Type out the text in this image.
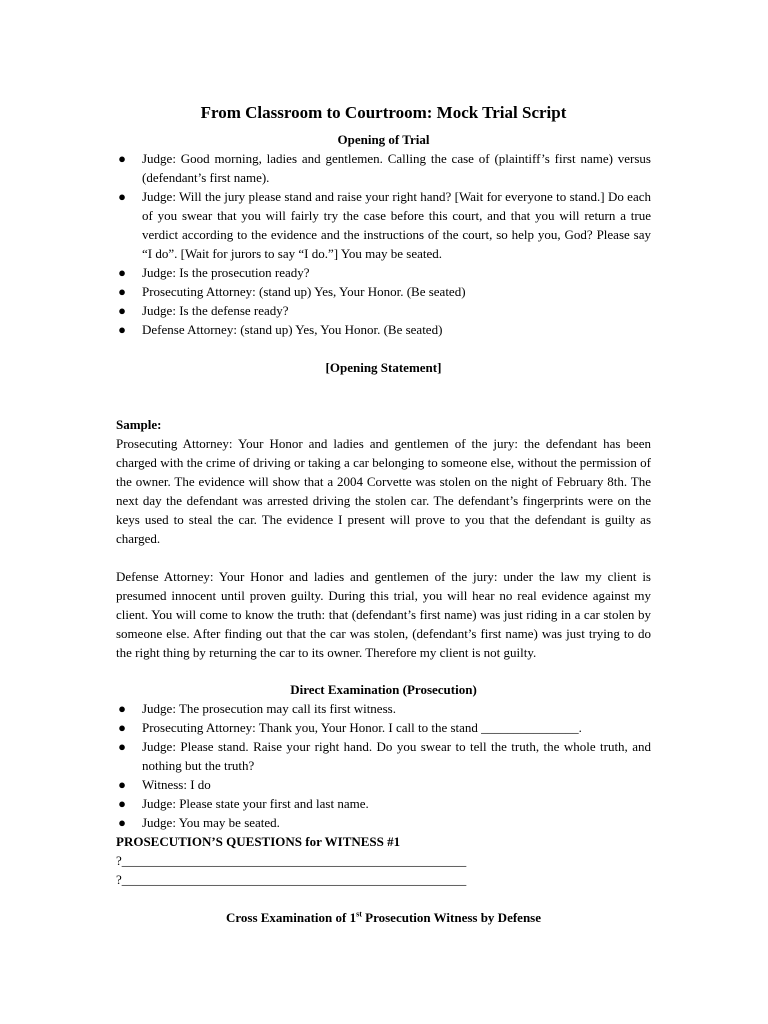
From Classroom to Courtroom: Mock Trial Script

Opening of Trial

● Judge: Good morning, ladies and gentlemen. Calling the case of (plaintiff’s first name) versus (defendant’s first name).
● Judge: Will the jury please stand and raise your right hand? [Wait for everyone to stand.] Do each of you swear that you will fairly try the case before this court, and that you will return a true verdict according to the evidence and the instructions of the court, so help you, God? Please say “I do”. [Wait for jurors to say “I do.”] You may be seated.
● Judge: Is the prosecution ready?
● Prosecuting Attorney: (stand up) Yes, Your Honor. (Be seated)
● Judge: Is the defense ready?
● Defense Attorney: (stand up) Yes, You Honor. (Be seated)

[Opening Statement]

Sample:

Prosecuting Attorney: Your Honor and ladies and gentlemen of the jury: the defendant has been charged with the crime of driving or taking a car belonging to someone else, without the permission of the owner. The evidence will show that a 2004 Corvette was stolen on the night of February 8th. The next day the defendant was arrested driving the stolen car. The defendant’s fingerprints were on the keys used to steal the car. The evidence I present will prove to you that the defendant is guilty as charged.

Defense Attorney: Your Honor and ladies and gentlemen of the jury: under the law my client is presumed innocent until proven guilty. During this trial, you will hear no real evidence against my client. You will come to know the truth: that (defendant’s first name) was just riding in a car stolen by someone else. After finding out that the car was stolen, (defendant’s first name) was just trying to do the right thing by returning the car to its owner. Therefore my client is not guilty.

Direct Examination (Prosecution)

● Judge: The prosecution may call its first witness.
● Prosecuting Attorney: Thank you, Your Honor. I call to the stand _______________.
● Judge: Please stand. Raise your right hand. Do you swear to tell the truth, the whole truth, and nothing but the truth?
● Witness: I do
● Judge: Please state your first and last name.
● Judge: You may be seated.

PROSECUTION’S QUESTIONS for WITNESS #1

?_____________________________________________________

?_____________________________________________________

Cross Examination of 1st Prosecution Witness by Defense
